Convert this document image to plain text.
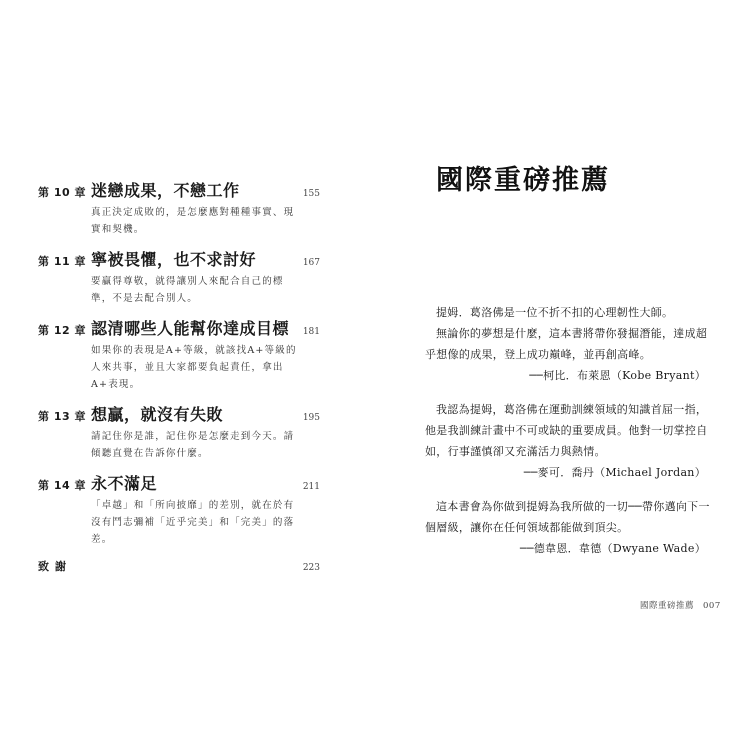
第 10 章 迷戀成果，不戀工作	155
真正決定成敗的，是怎麼應對種種事實、現實和契機。
第 11 章 寧被畏懼，也不求討好	167
要贏得尊敬，就得讓別人來配合自己的標準，不是去配合別人。
第 12 章 認清哪些人能幫你達成目標	181
如果你的表現是A+等級，就該找A+等級的人來共事，並且大家都要負起責任，拿出A+表現。
第 13 章 想贏，就沒有失敗	195
請記住你是誰，記住你是怎麼走到今天。請傾聽直覺在告訴你什麼。
第 14 章 永不滿足	211
「卓越」和「所向披靡」的差別，就在於有沒有鬥志彌補「近乎完美」和「完美」的落差。
致謝	223
國際重磅推薦

提姆．葛洛佛是一位不折不扣的心理韌性大師。

無論你的夢想是什麼，這本書將帶你發掘潛能，達成超乎想像的成果，登上成功巔峰，並再創高峰。

──柯比．布萊恩（Kobe Bryant）

我認為提姆，葛洛佛在運動訓練領域的知識首屈一指，他是我訓練計畫中不可或缺的重要成員。他對一切掌控自如，行事謹慎卻又充滿活力與熱情。

──麥可．喬丹（Michael Jordan）

這本書會為你做到提姆為我所做的一切──帶你邁向下一個層級，讓你在任何領域都能做到頂尖。

──德韋恩．韋德（Dwyane Wade）
國際重磅推薦　007
